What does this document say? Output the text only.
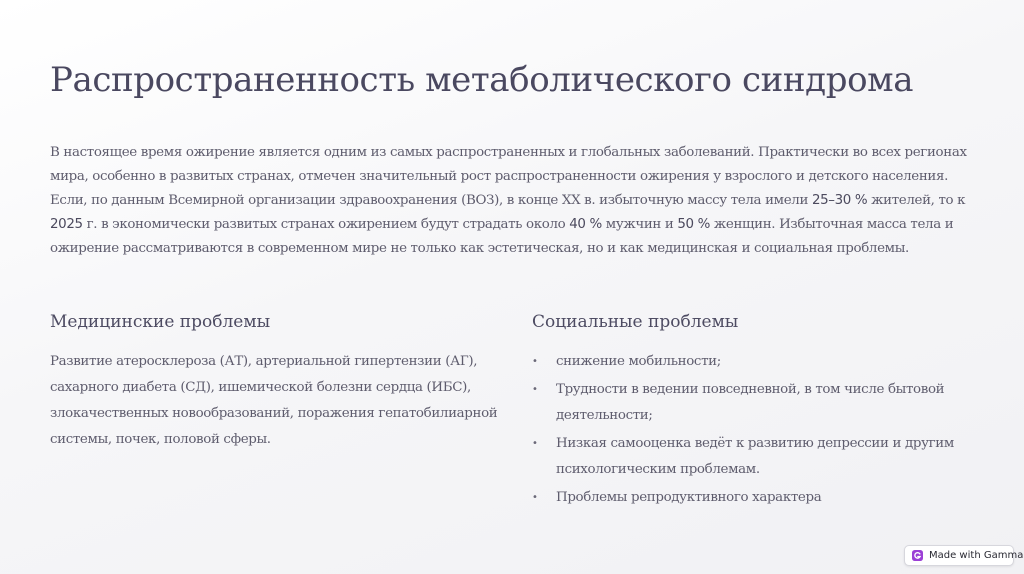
Распространенность метаболического синдрома

В настоящее время ожирение является одним из самых распространенных и глобальных заболеваний. Практически во всех регионах мира, особенно в развитых странах, отмечен значительный рост распространенности ожирения у взрослого и детского населения. Если, по данным Всемирной организации здравоохранения (ВОЗ), в конце XX в. избыточную массу тела имели 25–30 % жителей, то к 2025 г. в экономически развитых странах ожирением будут страдать около 40 % мужчин и 50 % женщин. Избыточная масса тела и ожирение рассматриваются в современном мире не только как эстетическая, но и как медицинская и социальная проблемы.

Медицинские проблемы

Развитие атеросклероза (АТ), артериальной гипертензии (АГ), сахарного диабета (СД), ишемической болезни сердца (ИБС), злокачественных новообразований, поражения гепатобилиарной системы, почек, половой сферы.

Социальные проблемы
• снижение мобильности;
• Трудности в ведении повседневной, в том числе бытовой деятельности;
• Низкая самооценка ведёт к развитию депрессии и другим психологическим проблемам.
• Проблемы репродуктивного характера
Made with Gamma
